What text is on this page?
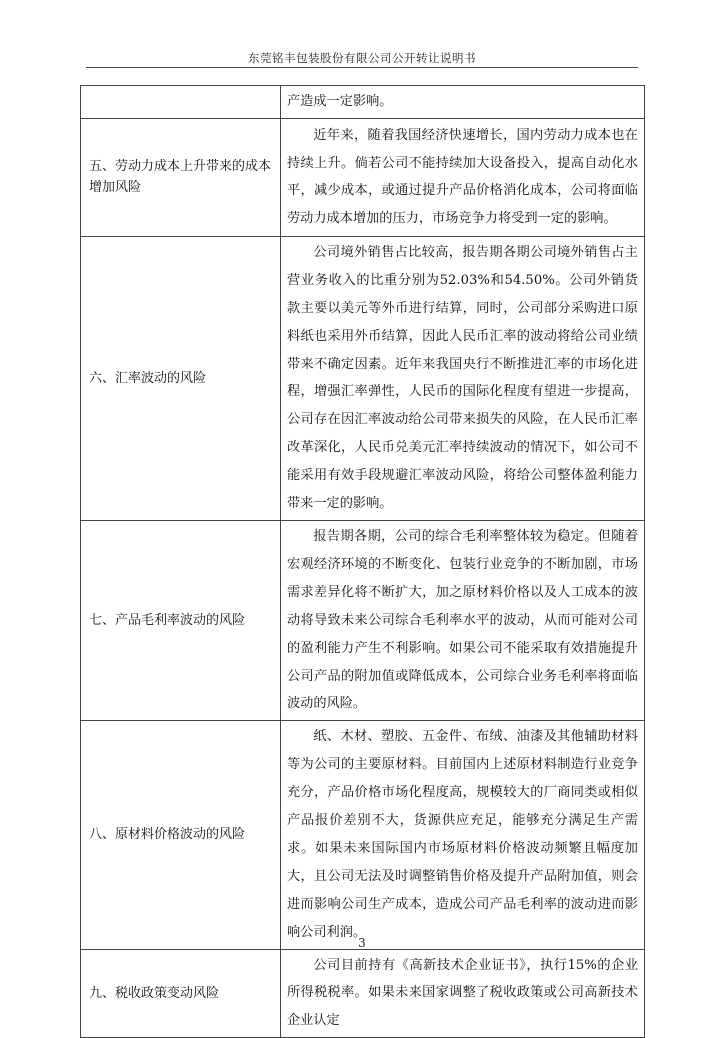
东莞铭丰包装股份有限公司公开转让说明书

	产造成一定影响。

五、劳动力成本上升带来的成本增加风险	近年来，随着我国经济快速增长，国内劳动力成本也在持续上升。倘若公司不能持续加大设备投入，提高自动化水平，减少成本，或通过提升产品价格消化成本，公司将面临劳动力成本增加的压力，市场竞争力将受到一定的影响。

六、汇率波动的风险	公司境外销售占比较高，报告期各期公司境外销售占主营业务收入的比重分别为52.03%和54.50%。公司外销货款主要以美元等外币进行结算，同时，公司部分采购进口原料纸也采用外币结算，因此人民币汇率的波动将给公司业绩带来不确定因素。近年来我国央行不断推进汇率的市场化进程，增强汇率弹性，人民币的国际化程度有望进一步提高，公司存在因汇率波动给公司带来损失的风险，在人民币汇率改革深化，人民币兑美元汇率持续波动的情况下，如公司不能采用有效手段规避汇率波动风险，将给公司整体盈利能力带来一定的影响。

七、产品毛利率波动的风险	报告期各期，公司的综合毛利率整体较为稳定。但随着宏观经济环境的不断变化、包装行业竞争的不断加剧，市场需求差异化将不断扩大，加之原材料价格以及人工成本的波动将导致未来公司综合毛利率水平的波动，从而可能对公司的盈利能力产生不利影响。如果公司不能采取有效措施提升公司产品的附加值或降低成本，公司综合业务毛利率将面临波动的风险。

八、原材料价格波动的风险	纸、木材、塑胶、五金件、布绒、油漆及其他辅助材料等为公司的主要原材料。目前国内上述原材料制造行业竞争充分，产品价格市场化程度高，规模较大的厂商同类或相似产品报价差别不大，货源供应充足，能够充分满足生产需求。如果未来国际国内市场原材料价格波动频繁且幅度加大，且公司无法及时调整销售价格及提升产品附加值，则会进而影响公司生产成本，造成公司产品毛利率的波动进而影响公司利润。

九、税收政策变动风险	公司目前持有《高新技术企业证书》，执行15%的企业所得税税率。如果未来国家调整了税收政策或公司高新技术企业认定

3
